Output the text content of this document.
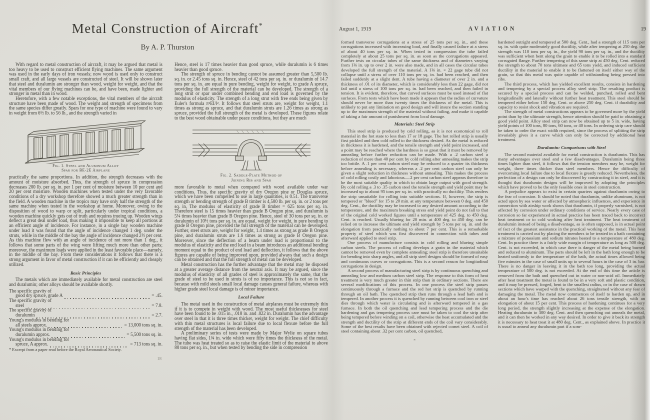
Metal Construction of Aircraft*
By A. P. Thurston

With regard to metal construction of aircraft, it may be argued that metal is too heavy to be used to construct efficient flying machines. The same argument was used in the early days of iron vessels; now wood is used only to construct small craft, and all large vessels are constructed of steel. It will be shown later that steel and duralumin are stronger than wood, weight for weight, and that the vital members of our flying machines can be, and have been, made lighter and stronger in metal than in wood.

Heretofore, with a few notable exceptions, the vital members of the aircraft structure have been made of wood. The weight and strength of specimens from the same species differ greatly. Spars for one type of machine were found to vary in weight from 6½ lb. to 56 lb., and the strength varied in

Fig. 1. Steel and Aluminum Alloy
Spar for BE-2E Airplane

practically the same proportions. In addition, the strength decreases with the amount of moisture absorbed. Thus, the strength of spruce in compression decreases 200 lb. per sq. in. per 1 per cent of moisture between 10 per cent and 20 per cent moisture. Wooden machines when tested under the very favorable conditions of a dry workshop therefore showed a much greater strength than in the field. A wooden machine in the tropics may have only half the strength of the same machine when tested in the workshop at home. Moreover, owing to the disposition of wood to warp or split, particularly under tropical conditions, a wooden machine quickly gets out of truth and requires trueing up. Wooden wings deflect a great deal under load, thus making it impossible to keep all portions at an efficient angle of incidence. For instance, in a single bay wooden machine under load it was found that the angle of incidence changed 1 deg. under the struts, while in the middle of the bay the angle of incidence changed 2½ per cent. As this machine flew with an angle of incidence of not more than 1 deg., it follows that some parts of the wing were lifting much more than other parts; moreover, the maximum loads were applied in the least favorable place—namely, in the middle of the bay. From these considerations it follows that there is a strong argument in favor of metal construction if it can be efficiently and cheaply utilized.

Basic Principles

The metals which are immediately available for metal construction are steel and duralumin; other alloys should be available shortly.

The specific gravity of
good dry spruce, grade A	= .45.
The specific gravity of
steel	= 7.8.
The specific gravity of
duralumin	= 2.7.
Young's modulus in bending for
all steels approx.	= 13,000 tons sq. in.
Young's modulus in bending for
duralumin approx.	= 5,500 tons sq. in.
Young's modulus in bending for
spruce, A approx.	= 713 tons sq. in.

* Excerpt from a paper read before the Royal Aeronautical Society.

18

Hence, steel is 17 times heavier than good spruce, while duralumin is 6 times heavier than good spruce.

The strength of spruce in bending cannot be assumed greater than 5,500 lb. sq. in. or 2.45 tons sq. in. Hence, steel of 42 tons per sq. in. or duralumin of 14.7 tons per sq. in. are equal in pure bending, weight for weight, to grade A spruce, providing the full strength of the material can be developed. The strength of a long strut or spar under combined bending and end load is governed by the modulus of elasticity. The strength of a long strut with free ends being given by Euler's formula π²EI/l². It follows that steel struts are, weight for weight, 1.1 times as strong as spruce, and that duralumin struts are 1.26 times as strong as spruce, provided the full strength of the metal is developed. These figures relate to the best wood obtainable under peace conditions, but they are much

Fig. 2. Saddle-Plate Method of
Joining Rib and Spar

more favorable to metal when compared with wood available under war conditions. Thus, the specific gravity of dry Oregon pine or Douglas spruce, which we have been compelled to use in large quantities, is 0.51. The transverse strength or bending strength of grade B timber is 4,500 lb. per sq. in. or 2 tons per sq. in. The modulus of elasticity of grade B timber = 625 tons per sq. in. Therefore steel is 15 times heavier than grade B Oregon pine, and duralumin is 5¼ times heavier than grade B Oregon pine. Hence, steel of 30 tons per sq. in. or duralumin of 10½ tons per sq. in. are equal, weight for weight, in pure bending to grade B Oregon pine, provided the full strength of the material can be developed. Further, steel struts are, weight for weight, 1.4 times as strong as grade B Oregon pine, and duralumin struts are 1.6 times as strong as grade B Oregon pine. Moreover, since the deflection of a beam under load is proportional to the modulus of elasticity and the end load in a beam introduces an additional bending moment equal to the product of end load and deflection, it follows that the above figures are capable of being improved upon, provided always that such a design can be obtained and that the full strength of metal can be developed.

Metal construction has the further advantage that the metal may be disposed at a greater average distance from the neutral axis. It may be argued, since the modulus of elasticity of all grades of steel is approximately the same, that the grade of steel to be used in struts is of no importance. This is not so in fact, because with mild steels small local damage causes general failure, whereas with higher grade steel local damage is of minor importance.

Local Failure

The metal used in the construction of metal airplanes must be extremely thin if it is to compete in weight with wood. The most useful thicknesses for steel have been found to be .015 in., .018 in. and .022 in. Duralumin has the advantage over steel in that it is three times thicker, weight for weight. The chief difficulty with thin metal structures is local failure due to local flexure before the full strength of the material has been developed.

A preliminary series of tests were made by Major Wylie on square tubes having flat sides, 1¾ in. wide which were fifty times the thickness of the metal. The tube was heat treated so as to raise the elastic limit of the material to above 80 tons per sq. in., but when tested by bending the side in compression

August 1, 1919	AVIATION	19

formed transverse corrugations at a stress of 25 tons per sq. in., and these corrugations increased with increasing load, and finally caused failure at a stress of about 40 tons per sq. in. When tested in compression the tube failed completely at about 25 tons per sq. in. as soon as the corrugations appeared. Further tests on circular tubes of the same thickness and of diameters varying from 1⅜ in. up to over 2 in. were also made, and in all cases the circular tubes developed the full strength of the material. A 1⅜ in. × 22 gage tube did not collapse until a stress of over 110 tons per sq. in. had been reached, and then failed suddenly at a slight dent. A tube having a diameter of over 2 in. and a thickness of .01 of its diameter, which is considerably less than 22 gage, did not fail until a stress of 100 tons per sq. in. had been reached, and then failed in tension. It is evident, therefore, that curved surfaces must be used instead of flat surfaces. From tests which have been made it appears that the radius of curvature should never be more than twenty times the thickness of the metal. This is unlikely to put any limitation on good design and will insure the section standing up to the maximum strength of the material without failing, and make it capable of taking a fair amount of punishment from local damage.

Materials: Steel Strip

This steel strip is produced by cold rolling, as it is not economical to roll material in the hot state to less than 17 or 18 gage. The hot rolled strip is usually first pickled and then cold rolled to the thickness desired. As the metal is reduced in thickness it is hardened, and the tensile strength and yield point increased, and a point may be reached where the hardness is so great that it must be removed by annealing before further reduction can be made. With a .2 carbon steel a reduction of more than 40 per cent by cold rolling after annealing makes the strip too brittle. A .1 per cent carbon steel may be reduced to a quarter its thickness before annealing is necessary, whereas a .2 per cent carbon steel can only be given a slight reduction in thickness without annealing. This makes the process of cold rolling costly and laborious—.2 per cent carbon steel appears therefore to be the most suitable quality in which to obtain large output with good strength. By cold rolling a .3 to .35 carbon steel the tensile strength and yield point may be increased up to about 95 tons per sq. in. with practically no ductility. This renders the strip unsuitable for rolling into suitable sections. If, however, the strip is tempered or "blued" for 15 to 20 min. at any temperature between 0 deg. and 450 deg. Cent., the ductility may be increased to any desired amount according to the temperature, and the maximum breaking stress and yield point do not fall to that of the original cold worked figures until a temperature of 425 deg. to 450 deg. Cent. is reached. Usually blueing for 20 min. at 400 deg. to 450 deg. can be relied on to increase the ultimate and yield strength by 5 tons per sq. in. and the elongation from practically nothing to about 7 per cent. This is a remarkable property of steel which was first discovered in connection with tubes and afterward applied to steel strip.

One process of manufacture consists in cold rolling and blueing simple carbon steels. The process of rolling develops a grain in the material which cannot be removed even by complete annealing; steel strip is therefore unsuitable for bending into sharp angles, and all strip steel designs should be formed of easy and continuous curves or corrugations. This is a second reason for longitudinal corrugations in design.

A second process of manufacturing steel strip is by continuous quenching and annealing low and medium carbon steel strip. The response to this form of heat treatment is very much greater in thin strip than in ordinary sections. There are several modifications of this process. In one process the steel strip passes continuously through a furnace and the red hot strip is quenched by running through an oil bath. The quenched strip then runs through a lead bath and is tempered. In another process it is quenched by running between cool iron or steel dies through which water is circulating and is afterward tempered in a gas furnace. In both the oil quenching and lead tempering process and the die hardening and gas tempering process care must be taken to cool the strip after being tempered before winding on a coil, otherwise the heat accumulated and the strength and ductility of the strip at different ends of the coil vary considerably. Some of the best results have been obtained with rejected cornet steel. A coil of steel containing about .32 per cent carbon, oil quenched,

*

hardened outright and tempered at 500 deg. Cent., had a strength of 115 tons per sq. in. with quite moderately good ductility, while after tempering at 250 deg. the strength was 110 tons per sq. in., the yield 90 tons per sq. in., and the ductility was sufficient when bent along the grain to enable it to be rolled into a standard corrugated flange. Further tempering of this same strip at 450 deg. Cent. reduced the strength to about 70 tons ultimate and 65 tons yield, and induced sufficient ductility in the material to enable it to be flattened on itself either way of the grain, so that this metal was quite capable of withstanding being pressed into ribs.

The third process, which has yielded excellent results, consists in hardening and tempering by a special process alloy steel strip. The resulting product is secured by a special process and can be welded, punched, rolled and bent longitudinally and laterally without further heat treatment. This steel should be tempered either below 150 deg. Cent. or above 250 deg. Cent. if durability and capacity to resist shock and vibration are required.

The strength of metal constructions appears to be governed more by the yield point than by the ultimate strength, hence attention should be paid to obtaining a good yield point. Alloy steel strip can now be obtained up to 5 in. wide, having yield points of 100 tons, 80 tons, 60 tons, or 40 tons. In ordering strip care should be taken to order the exact width required, since the process of splitting the strip invariably gives it a curve which can only be corrected by additional heat treatment.

Duralumin: Comparisons with Steel

The second material available for metal construction is duralumin. This has many advantages over steel and a few disadvantages. Duralumin being three times lighter than steel, it follows that the tension members may be, weight for weight, three times thicker than steel members. Hence the difficulty of overcoming local failure due to local flexure is greatly reduced. Nevertheless, the perfection of a design can only be discovered by constructing it in steel, and it is thought that duralumin designs will be improved by adopting the principles which have proved to be the only feasible ones in steel construction.

A prejudice appears to exist in certain quarters against duralumin owing to the fear of corrosion. It should be noted that duralumin, unlike aluminum, is not acted upon by sea water or affected by atmospheric influences, and experience in connection with airship work shows that duralumin, if properly varnished, is not affected by corrosion under ordinary conditions of service. Nearly every case of corrosion so far experienced in actual practice has been traced back to incorrect heat treatment or to cold working after heat treatment. The heat treatment of duralumin instead of being a disadvantage, as is often supposed, is in actual point of fact of the greatest assistance in the practical working of the metal. This heat treatment is carried out by placing the members to be treated in a bath containing a mixture of potassium and sodium nitrates heated to a temperature of 480 deg. Cent. In practice there is a fairly wide margin of temperature as long as 500 deg. Cent. is not exceeded, in which case there is danger of the metal being burned and reduced to aluminum. The parts should be left in the bath long enough to be heated uniformly to the temperature of the bath, the actual times allowed being five minutes in the case of small units up to several hours in the case of 3 in. bar. There is no danger in leaving it in the bath too long, providing the actual temperature of 500 deg. is not exceeded. At the end of this time the article is removed from the bath and quenched out in water or non-acid oil. Immediately after heat treatment the metal is found to be in a very soft and plastic condition, and it may be pressed, forged, bent to the smallest radius, or in the case of drawn sections which have warped with the quenching, straightened without any fear of damaging the metal. The metal now commences of itself to harden up, and in about an hour's time has reached about 26 tons tensile strength, with an elongation of about 15 per cent. This process of hardening continues for a very long period, the strength slightly increasing at the expense of the elongation. Heating duralumin to 300 deg. Cent. and then quenching out anneals the metal, and it can then be worked in any way desired. In order to give it back its strength it is necessary to heat treat it at 480 deg. Cent., as explained above. In practice it is usual to anneal any duralumin part if a som-
